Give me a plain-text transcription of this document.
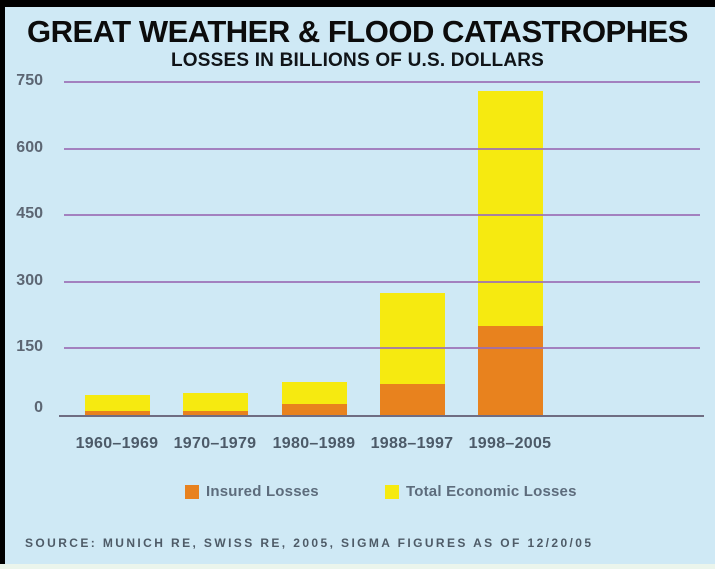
GREAT WEATHER & FLOOD CATASTROPHES
LOSSES IN BILLIONS OF U.S. DOLLARS
0
150
300
450
600
750
1960–1969 1970–1979	1980–1989 1988–1997 1998–2005
Insured Losses	Total Economic Losses
SOURCE: MUNICH RE, SWISS RE, 2005, SIGMA FIGURES AS OF 12/20/05
